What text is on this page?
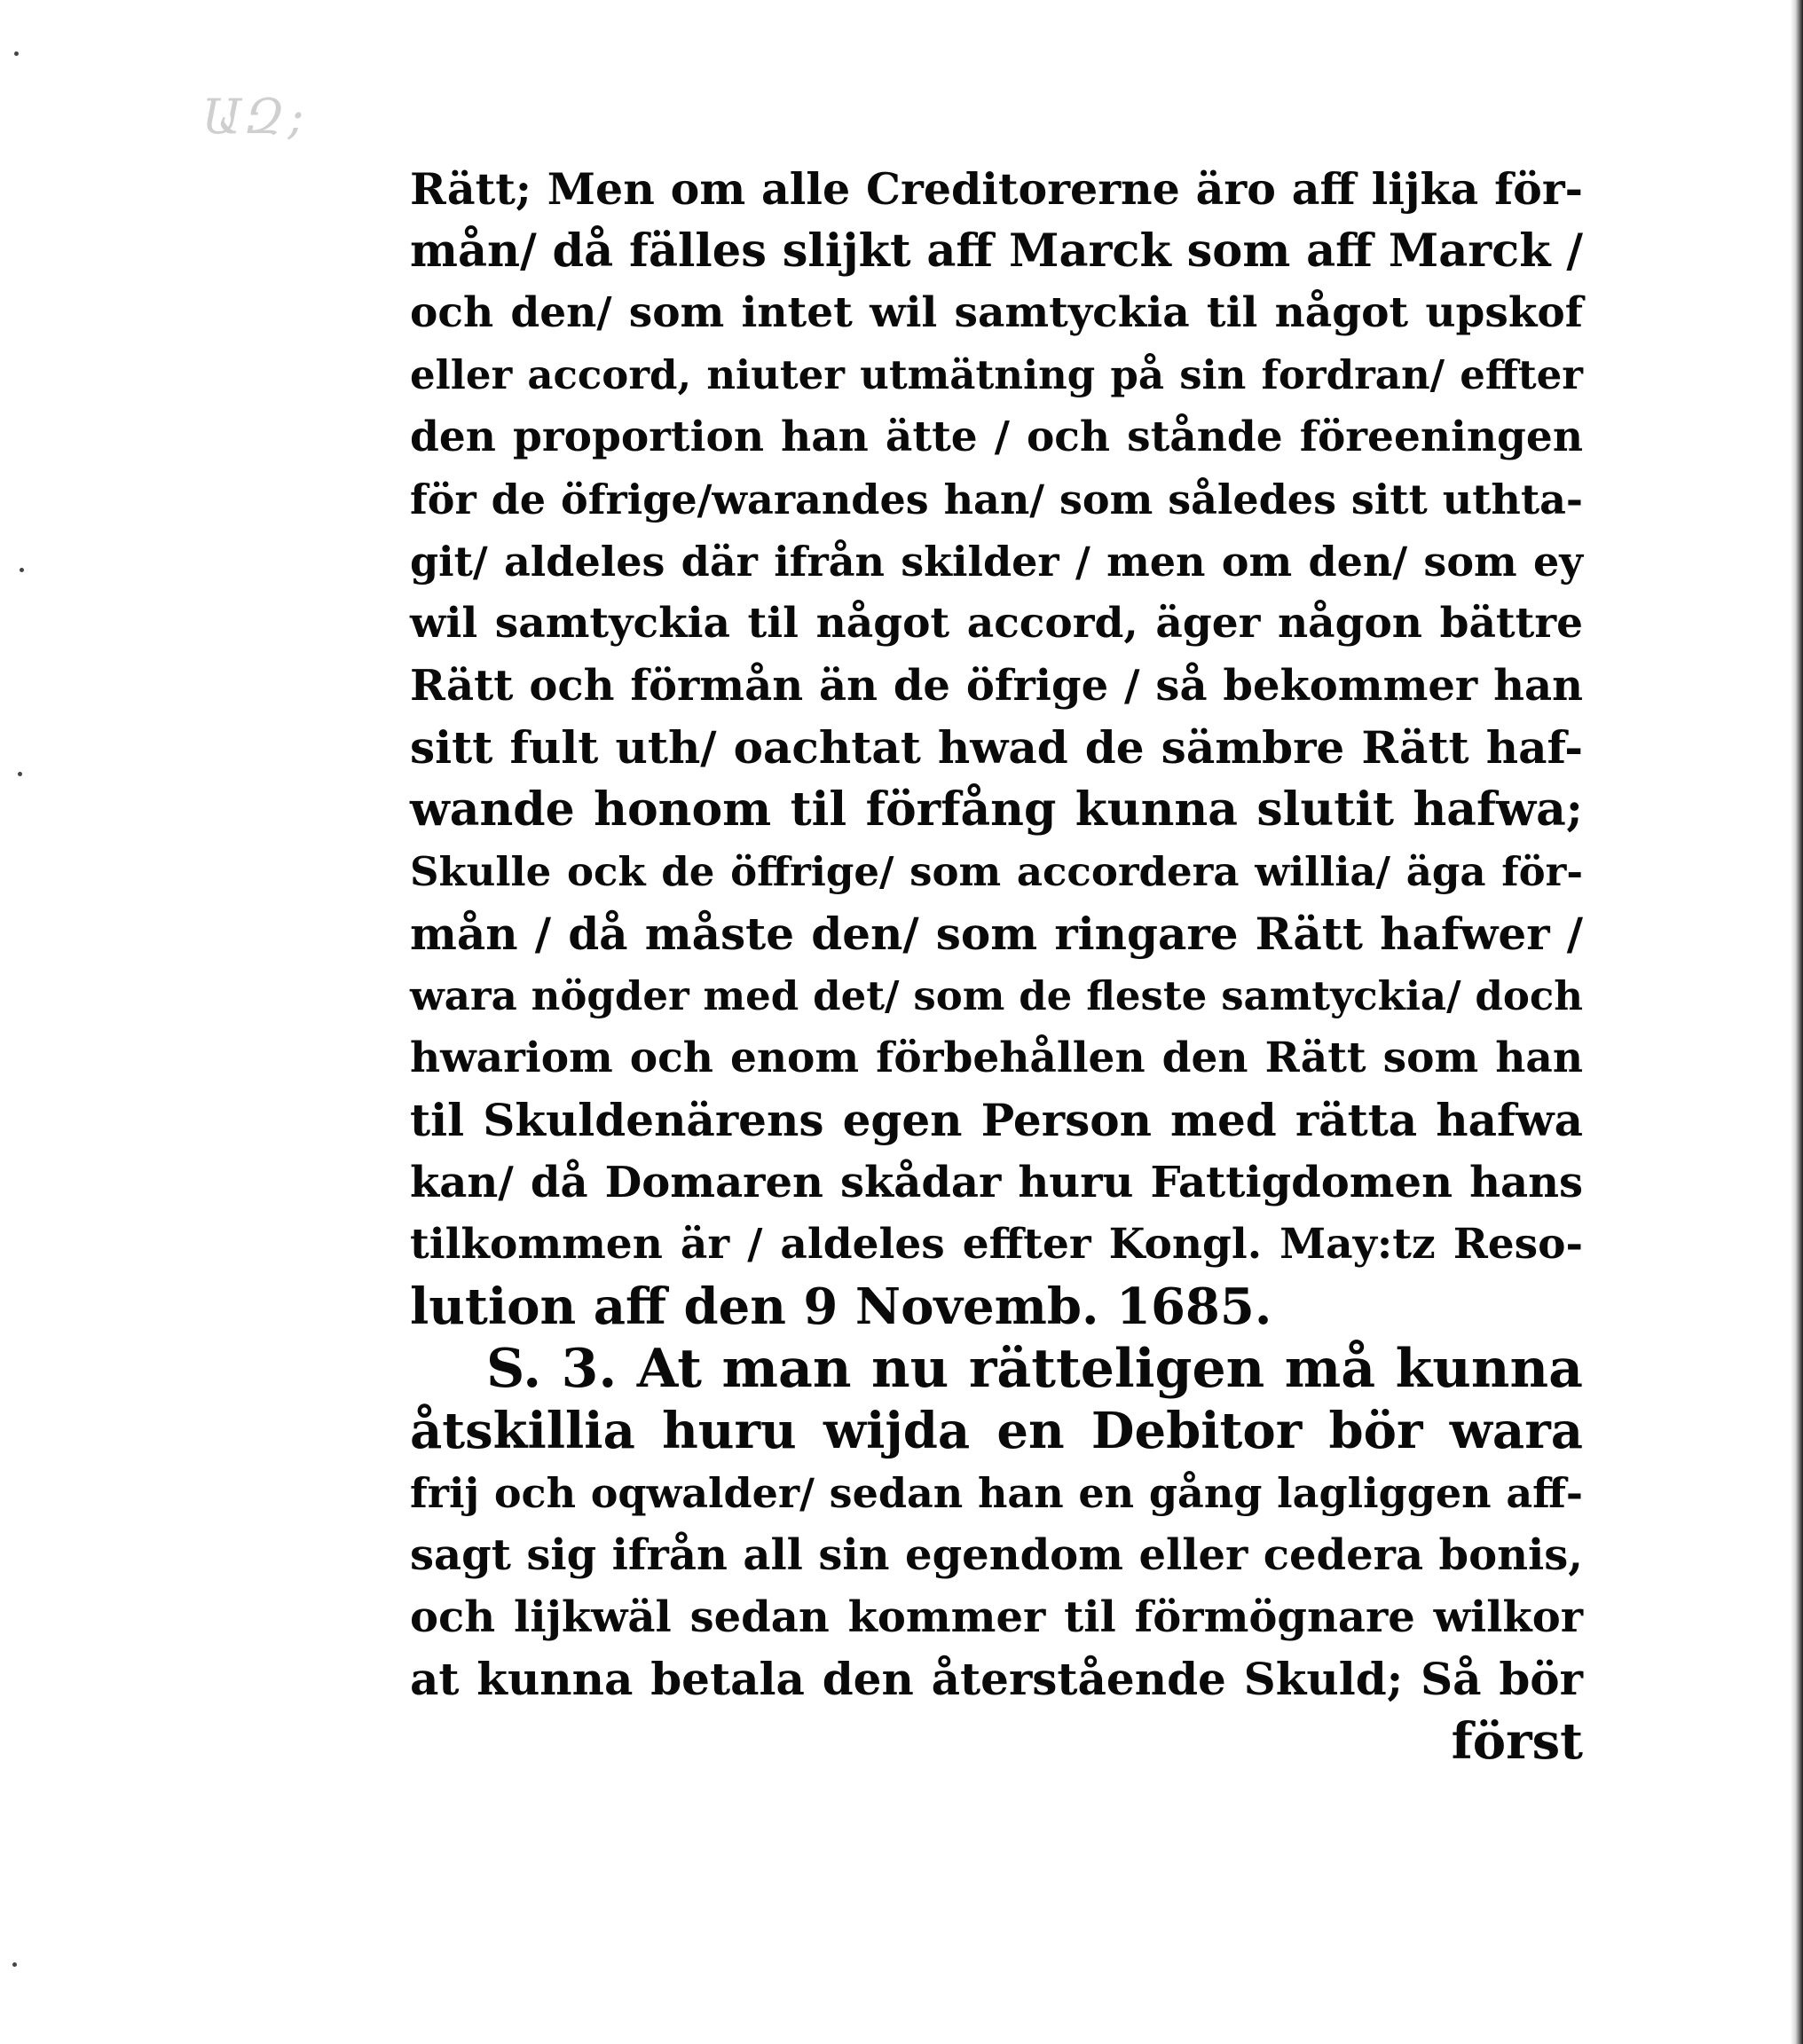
ԱԶ;
Rätt; Men om alle Creditorerne äro aff lijka för-
mån/ då fälles slijkt aff Marck som aff Marck /
och den/ som intet wil samtyckia til något upskof
eller accord, niuter utmätning på sin fordran/ effter
den proportion han ätte / och stånde föreeningen
för de öfrige/warandes han/ som således sitt uthta-
git/ aldeles där ifrån skilder / men om den/ som ey
wil samtyckia til något accord, äger någon bättre
Rätt och förmån än de öfrige / så bekommer han
sitt fult uth/ oachtat hwad de sämbre Rätt haf-
wande honom til förfång kunna slutit hafwa;
Skulle ock de öffrige/ som accordera willia/ äga för-
mån / då måste den/ som ringare Rätt hafwer /
wara nögder med det/ som de fleste samtyckia/ doch
hwariom och enom förbehållen den Rätt som han
til Skuldenärens egen Person med rätta hafwa
kan/ då Domaren skådar huru Fattigdomen hans
tilkommen är / aldeles effter Kongl. May:tz Reso-
lution aff den 9 Novemb. 1685.
S. 3. At man nu rätteligen må kunna
åtskillia huru wijda en Debitor bör wara
frij och oqwalder/ sedan han en gång lagliggen aff-
sagt sig ifrån all sin egendom eller cedera bonis,
och lijkwäl sedan kommer til förmögnare wilkor
at kunna betala den återstående Skuld; Så bör
först
